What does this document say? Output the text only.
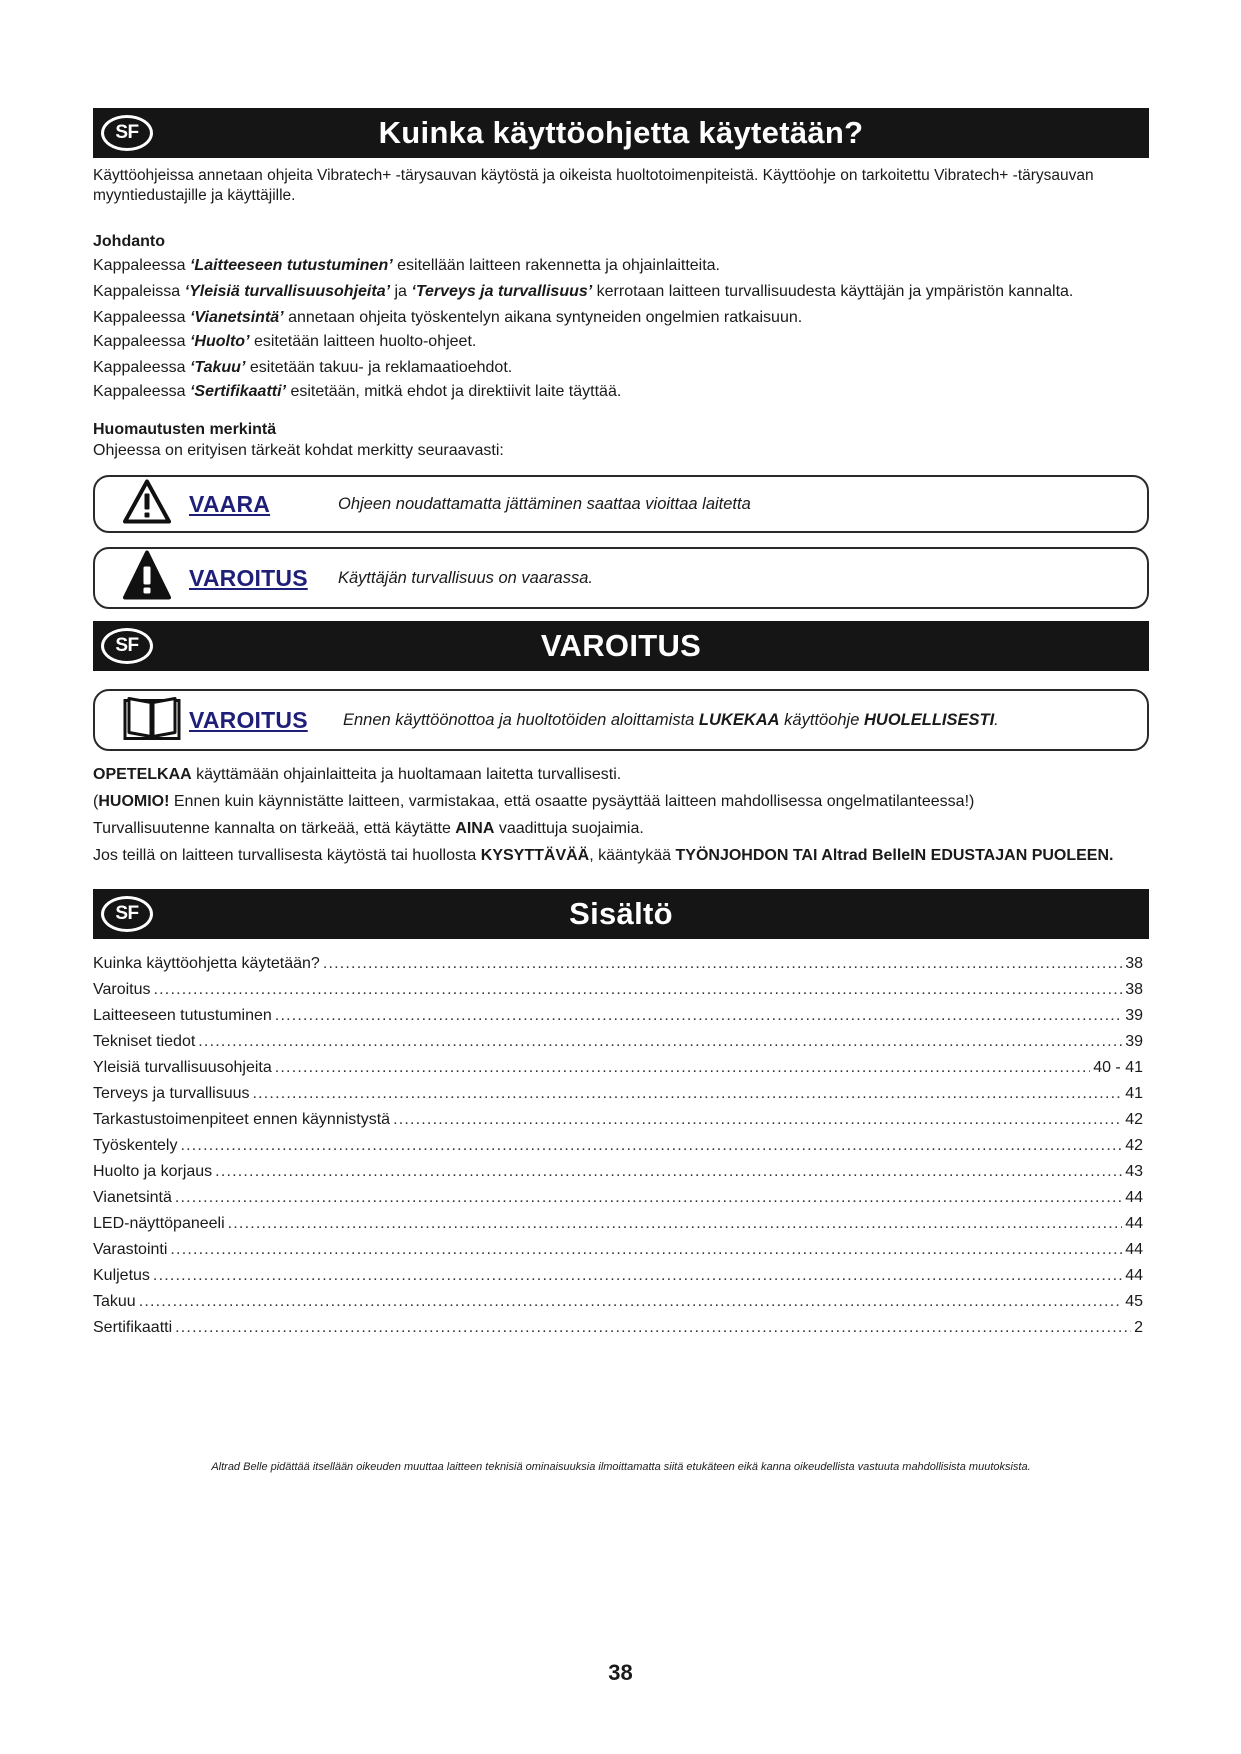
SF	Kuinka käyttöohjetta käytetään?

Käyttöohjeissa annetaan ohjeita Vibratech+ -tärysauvan käytöstä ja oikeista huoltotoimenpiteistä. Käyttöohje on tarkoitettu Vibratech+ -tärysauvan myyntiedustajille ja käyttäjille.

Johdanto

Kappaleessa ‘Laitteeseen tutustuminen’ esitellään laitteen rakennetta ja ohjainlaitteita.

Kappaleissa ‘Yleisiä turvallisuusohjeita’ ja ‘Terveys ja turvallisuus’ kerrotaan laitteen turvallisuudesta käyttäjän ja ympäristön kannalta.

Kappaleessa ‘Vianetsintä’ annetaan ohjeita työskentelyn aikana syntyneiden ongelmien ratkaisuun.

Kappaleessa ‘Huolto’ esitetään laitteen huolto-ohjeet.

Kappaleessa ‘Takuu’ esitetään takuu- ja reklamaatioehdot.

Kappaleessa ‘Sertifikaatti’ esitetään, mitkä ehdot ja direktiivit laite täyttää.

Huomautusten merkintä

Ohjeessa on erityisen tärkeät kohdat merkitty seuraavasti:

VAARA	Ohjeen noudattamatta jättäminen saattaa vioittaa laitetta
VAROITUS Käyttäjän turvallisuus on vaarassa.
SF	VAROITUS
VAROITUS Ennen käyttöönottoa ja huoltotöiden aloittamista LUKEKAA käyttöohje HUOLELLISESTI.

OPETELKAA käyttämään ohjainlaitteita ja huoltamaan laitetta turvallisesti.

(HUOMIO! Ennen kuin käynnistätte laitteen, varmistakaa, että osaatte pysäyttää laitteen mahdollisessa ongelmatilanteessa!)

Turvallisuutenne kannalta on tärkeää, että käytätte AINA vaadittuja suojaimia.

Jos teillä on laitteen turvallisesta käytöstä tai huollosta KYSYTTÄVÄÄ, kääntykää TYÖNJOHDON TAI Altrad BelleIN EDUSTAJAN PUOLEEN.

SF	Sisältö
Kuinka käyttöohjetta käytetään? .....	38
Varoitus .....	38
Laitteeseen tutustuminen .....	39
Tekniset tiedot .....	39
Yleisiä turvallisuusohjeita .....	40 - 41
Terveys ja turvallisuus .....	41
Tarkastustoimenpiteet ennen käynnistystä .....	42
Työskentely .....	42
Huolto ja korjaus .....	43
Vianetsintä .....	44
LED-näyttöpaneeli .....	44
Varastointi .....	44
Kuljetus .....	44
Takuu .....	45
Sertifikaatti .....	2

Altrad Belle pidättää itsellään oikeuden muuttaa laitteen teknisiä ominaisuuksia ilmoittamatta siitä etukäteen eikä kanna oikeudellista vastuuta mahdollisista muutoksista.

38
